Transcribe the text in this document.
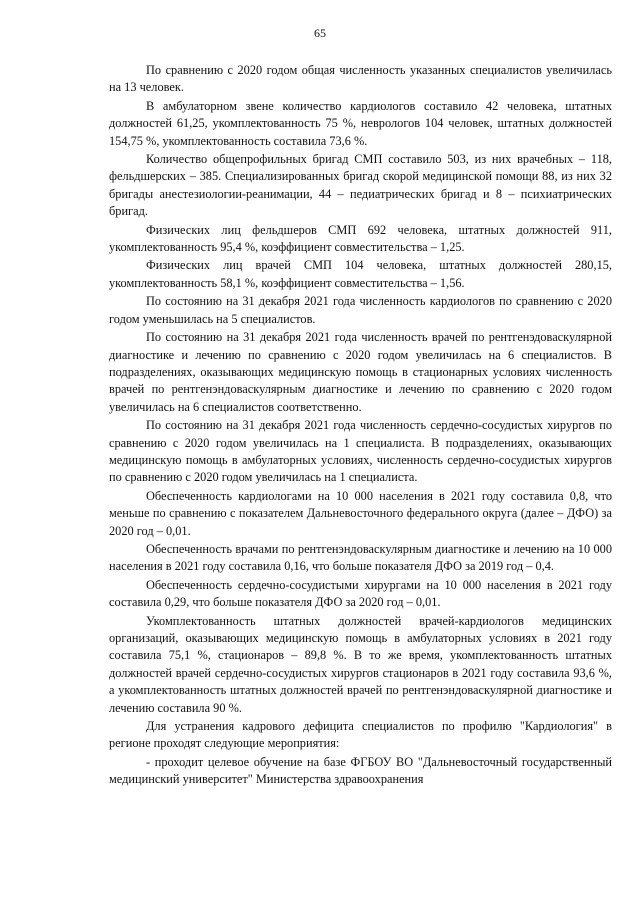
65

По сравнению с 2020 годом общая численность указанных специалистов увеличилась на 13 человек.

В амбулаторном звене количество кардиологов составило 42 человека, штатных должностей 61,25, укомплектованность 75 %, неврологов 104 человек, штатных должностей 154,75 %, укомплектованность составила 73,6 %.

Количество общепрофильных бригад СМП составило 503, из них врачебных – 118, фельдшерских – 385. Специализированных бригад скорой медицинской помощи 88, из них 32 бригады анестезиологии-реанимации, 44 – педиатрических бригад и 8 – психиатрических бригад.

Физических лиц фельдшеров СМП 692 человека, штатных должностей 911, укомплектованность 95,4 %, коэффициент совместительства – 1,25.

Физических лиц врачей СМП 104 человека, штатных должностей 280,15, укомплектованность 58,1 %, коэффициент совместительства – 1,56.

По состоянию на 31 декабря 2021 года численность кардиологов по сравнению с 2020 годом уменьшилась на 5 специалистов.

По состоянию на 31 декабря 2021 года численность врачей по рентгенэдоваскулярной диагностике и лечению по сравнению с 2020 годом увеличилась на 6 специалистов. В подразделениях, оказывающих медицинскую помощь в стационарных условиях численность врачей по рентгенэндоваскулярным диагностике и лечению по сравнению с 2020 годом увеличилась на 6 специалистов соответственно.

По состоянию на 31 декабря 2021 года численность сердечно-сосудистых хирургов по сравнению с 2020 годом увеличилась на 1 специалиста. В подразделениях, оказывающих медицинскую помощь в амбулаторных условиях, численность сердечно-сосудистых хирургов по сравнению с 2020 годом увеличилась на 1 специалиста.

Обеспеченность кардиологами на 10 000 населения в 2021 году составила 0,8, что меньше по сравнению с показателем Дальневосточного федерального округа (далее – ДФО) за 2020 год – 0,01.

Обеспеченность врачами по рентгенэндоваскулярным диагностике и лечению на 10 000 населения в 2021 году составила 0,16, что больше показателя ДФО за 2019 год – 0,4.

Обеспеченность сердечно-сосудистыми хирургами на 10 000 населения в 2021 году составила 0,29, что больше показателя ДФО за 2020 год – 0,01.

Укомплектованность штатных должностей врачей-кардиологов медицинских организаций, оказывающих медицинскую помощь в амбулаторных условиях в 2021 году составила 75,1 %, стационаров – 89,8 %. В то же время, укомплектованность штатных должностей врачей сердечно-сосудистых хирургов стационаров в 2021 году составила 93,6 %, а укомплектованность штатных должностей врачей по рентгенэндоваскулярной диагностике и лечению составила 90 %.

Для устранения кадрового дефицита специалистов по профилю "Кардиология" в регионе проходят следующие мероприятия:

- проходит целевое обучение на базе ФГБОУ ВО "Дальневосточный государственный медицинский университет" Министерства здравоохранения
